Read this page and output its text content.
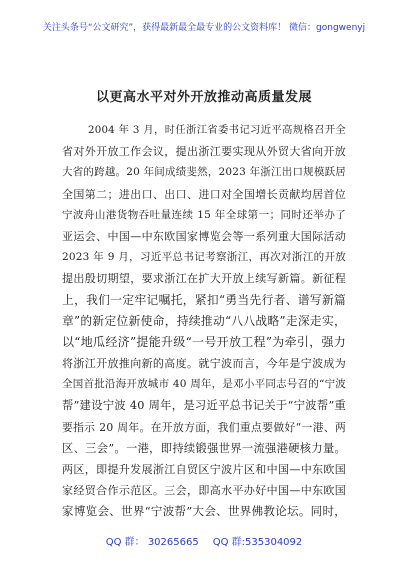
关注头条号“公文研究”，获得最新最全最专业的公文资料库！ 微信：gongwenyj
以更高水平对外开放推动高质量发展
2004 年 3 月，时任浙江省委书记习近平高规格召开全
省对外开放工作会议，提出浙江要实现从外贸大省向开放
大省的跨越。20 年间成绩斐然，2023 年浙江出口规模跃居
全国第二；进出口、出口、进口对全国增长贡献均居首位
宁波舟山港货物吞吐量连续 15 年全球第一；同时还举办了
亚运会、中国—中东欧国家博览会等一系列重大国际活动
2023 年 9 月，习近平总书记考察浙江，再次对浙江的开放
提出殷切期望，要求浙江在扩大开放上续写新篇。新征程
上，我们一定牢记嘱托，紧扣“勇当先行者、谱写新篇
章”的新定位新使命，持续推动“八八战略”走深走实，
以“地瓜经济”提能升级“一号开放工程”为牵引，强力
将浙江开放推向新的高度。就宁波而言，今年是宁波成为
全国首批沿海开放城市 40 周年，是邓小平同志号召的“宁波
帮”建设宁波 40 周年，是习近平总书记关于“宁波帮”重
要指示 20 周年。在开放方面，我们重点要做好“一港、两
区、三会”。一港，即持续锻强世界一流强港硬核力量。
两区，即提升发展浙江自贸区宁波片区和中国—中东欧国
家经贸合作示范区。三会，即高水平办好中国—中东欧国
家博览会、世界“宁波帮”大会、世界佛教论坛。同时，
QQ 群： 30265665 QQ 群:535304092
